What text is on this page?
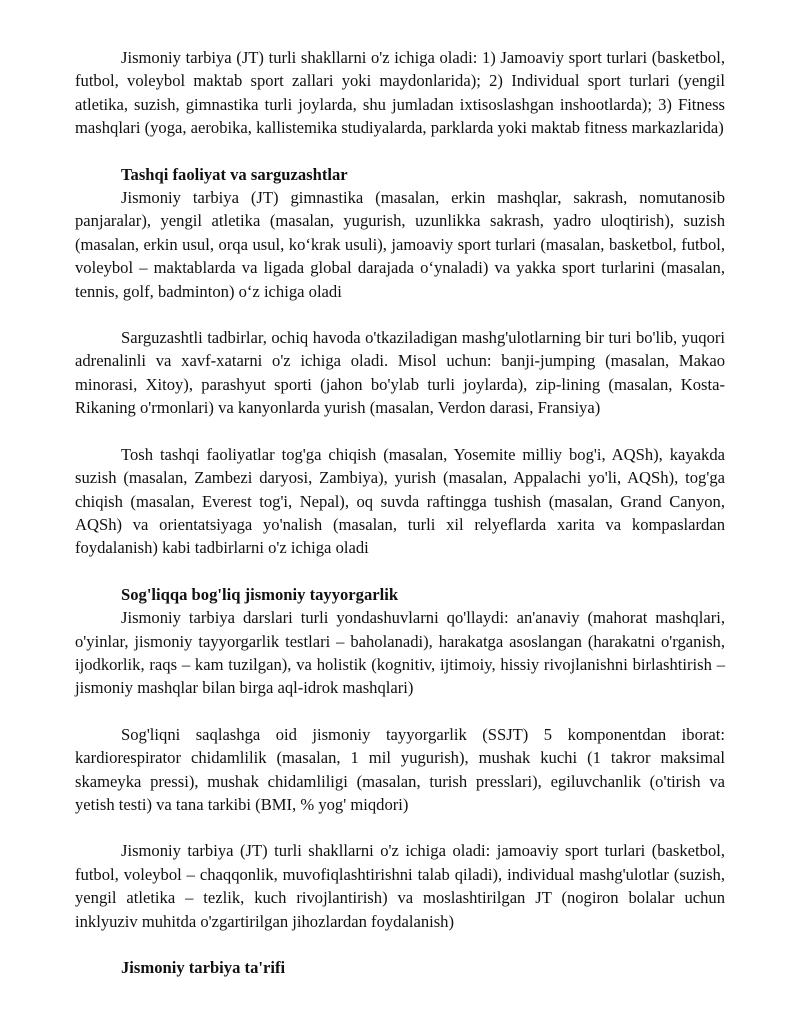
Jismoniy tarbiya (JT) turli shakllarni o'z ichiga oladi: 1) Jamoaviy sport turlari (basketbol, futbol, voleybol maktab sport zallari yoki maydonlarida); 2) Individual sport turlari (yengil atletika, suzish, gimnastika turli joylarda, shu jumladan ixtisoslashgan inshootlarda); 3) Fitness mashqlari (yoga, aerobika, kallistemika studiyalarda, parklarda yoki maktab fitness markazlarida)

Tashqi faoliyat va sarguzashtlar

Jismoniy tarbiya (JT) gimnastika (masalan, erkin mashqlar, sakrash, nomutanosib panjaralar), yengil atletika (masalan, yugurish, uzunlikka sakrash, yadro uloqtirish), suzish (masalan, erkin usul, orqa usul, ko‘krak usuli), jamoaviy sport turlari (masalan, basketbol, futbol, voleybol – maktablarda va ligada global darajada o‘ynaladi) va yakka sport turlarini (masalan, tennis, golf, badminton) o‘z ichiga oladi

Sarguzashtli tadbirlar, ochiq havoda o'tkaziladigan mashg'ulotlarning bir turi bo'lib, yuqori adrenalinli va xavf-xatarni o'z ichiga oladi. Misol uchun: banji-jumping (masalan, Makao minorasi, Xitoy), parashyut sporti (jahon bo'ylab turli joylarda), zip-lining (masalan, Kosta-Rikaning o'rmonlari) va kanyonlarda yurish (masalan, Verdon darasi, Fransiya)

Tosh tashqi faoliyatlar tog'ga chiqish (masalan, Yosemite milliy bog'i, AQSh), kayakda suzish (masalan, Zambezi daryosi, Zambiya), yurish (masalan, Appalachi yo'li, AQSh), tog'ga chiqish (masalan, Everest tog'i, Nepal), oq suvda raftingga tushish (masalan, Grand Canyon, AQSh) va orientatsiyaga yo'nalish (masalan, turli xil relyeflarda xarita va kompaslardan foydalanish) kabi tadbirlarni o'z ichiga oladi

Sog'liqqa bog'liq jismoniy tayyorgarlik

Jismoniy tarbiya darslari turli yondashuvlarni qo'llaydi: an'anaviy (mahorat mashqlari, o'yinlar, jismoniy tayyorgarlik testlari – baholanadi), harakatga asoslangan (harakatni o'rganish, ijodkorlik, raqs – kam tuzilgan), va holistik (kognitiv, ijtimoiy, hissiy rivojlanishni birlashtirish – jismoniy mashqlar bilan birga aql-idrok mashqlari)

Sog'liqni saqlashga oid jismoniy tayyorgarlik (SSJT) 5 komponentdan iborat: kardiorespirator chidamlilik (masalan, 1 mil yugurish), mushak kuchi (1 takror maksimal skameyka pressi), mushak chidamliligi (masalan, turish presslari), egiluvchanlik (o'tirish va yetish testi) va tana tarkibi (BMI, % yog' miqdori)

Jismoniy tarbiya (JT) turli shakllarni o'z ichiga oladi: jamoaviy sport turlari (basketbol, futbol, voleybol – chaqqonlik, muvofiqlashtirishni talab qiladi), individual mashg'ulotlar (suzish, yengil atletika – tezlik, kuch rivojlantirish) va moslashtirilgan JT (nogiron bolalar uchun inklyuziv muhitda o'zgartirilgan jihozlardan foydalanish)

Jismoniy tarbiya ta'rifi
